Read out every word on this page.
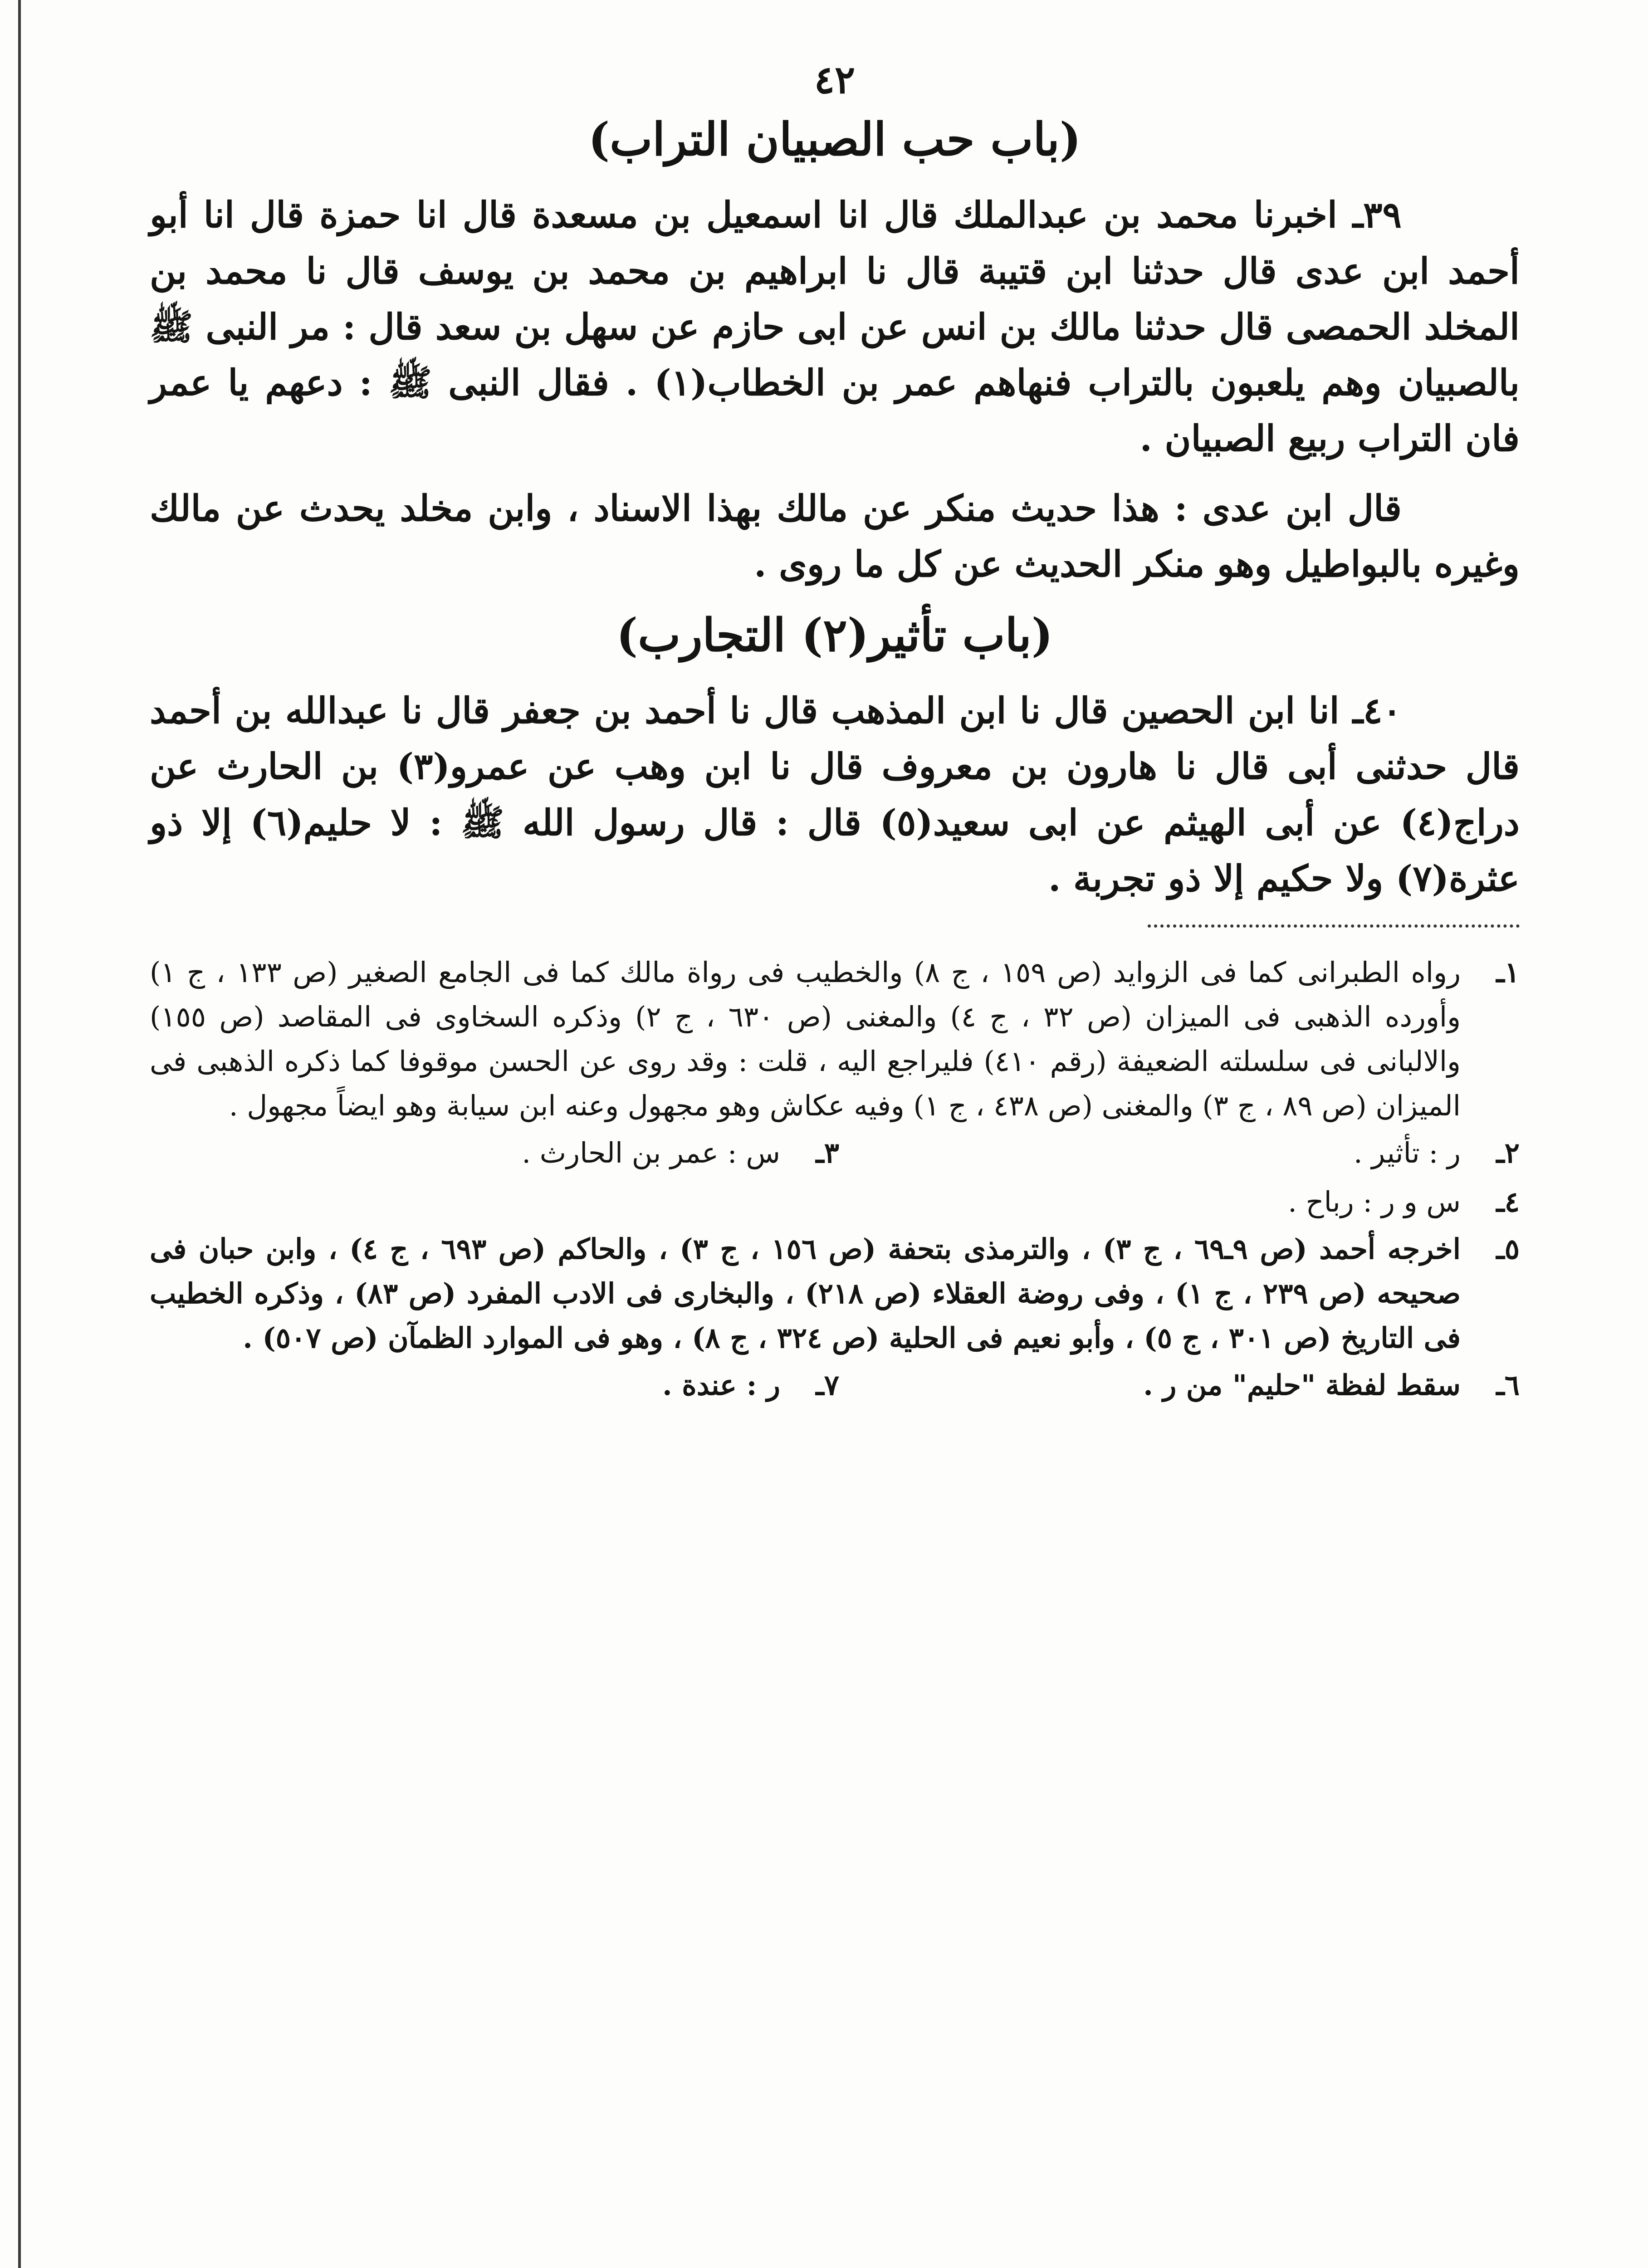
٤٢
(باب حب الصبيان التراب)

٣٩ـ اخبرنا محمد بن عبدالملك قال انا اسمعيل بن مسعدة قال انا حمزة قال انا أبو أحمد ابن عدى قال حدثنا ابن قتيبة قال نا ابراهيم بن محمد بن يوسف قال نا محمد بن المخلد الحمصى قال حدثنا مالك بن انس عن ابى حازم عن سهل بن سعد قال : مر النبى ﷺ بالصبيان وهم يلعبون بالتراب فنهاهم عمر بن الخطاب(١) . فقال النبى ﷺ : دعهم يا عمر فان التراب ربيع الصبيان .

قال ابن عدى : هذا حديث منكر عن مالك بهذا الاسناد ، وابن مخلد يحدث عن مالك وغيره بالبواطيل وهو منكر الحديث عن كل ما روى .

(باب تأثير(٢) التجارب)

٤٠ـ انا ابن الحصين قال نا ابن المذهب قال نا أحمد بن جعفر قال نا عبدالله بن أحمد قال حدثنى أبى قال نا هارون بن معروف قال نا ابن وهب عن عمرو(٣) بن الحارث عن دراج(٤) عن أبى الهيثم عن ابى سعيد(٥) قال : قال رسول الله ﷺ : لا حليم(٦) إلا ذو عثرة(٧) ولا حكيم إلا ذو تجربة .

١ـ
رواه الطبرانى كما فى الزوايد (ص ١٥٩ ، ج ٨) والخطيب فى رواة مالك كما فى الجامع الصغير (ص ١٣٣ ، ج ١) وأورده الذهبى فى الميزان (ص ٣٢ ، ج ٤) والمغنى (ص ٦٣٠ ، ج ٢) وذكره السخاوى فى المقاصد (ص ١٥٥) والالبانى فى سلسلته الضعيفة (رقم ٤١٠) فليراجع اليه ، قلت : وقد روى عن الحسن موقوفا كما ذكره الذهبى فى الميزان (ص ٨٩ ، ج ٣) والمغنى (ص ٤٣٨ ، ج ١) وفيه عكاش وهو مجهول وعنه ابن سيابة وهو ايضاً مجهول .
٢ـ
ر : تأثير .
٣ـ
س : عمر بن الحارث .
٤ـ
س و ر : رباح .
٥ـ
اخرجه أحمد (ص ٩ـ٦٩ ، ج ٣) ، والترمذى بتحفة (ص ١٥٦ ، ج ٣) ، والحاكم (ص ٦٩٣ ، ج ٤) ، وابن حبان فى صحيحه (ص ٢٣٩ ، ج ١) ، وفى روضة العقلاء (ص ٢١٨) ، والبخارى فى الادب المفرد (ص ٨٣) ، وذكره الخطيب فى التاريخ (ص ٣٠١ ، ج ٥) ، وأبو نعيم فى الحلية (ص ٣٢٤ ، ج ٨) ، وهو فى الموارد الظمآن (ص ٥٠٧) .
٦ـ
سقط لفظة "حليم" من ر .
٧ـ
ر : عندة .
